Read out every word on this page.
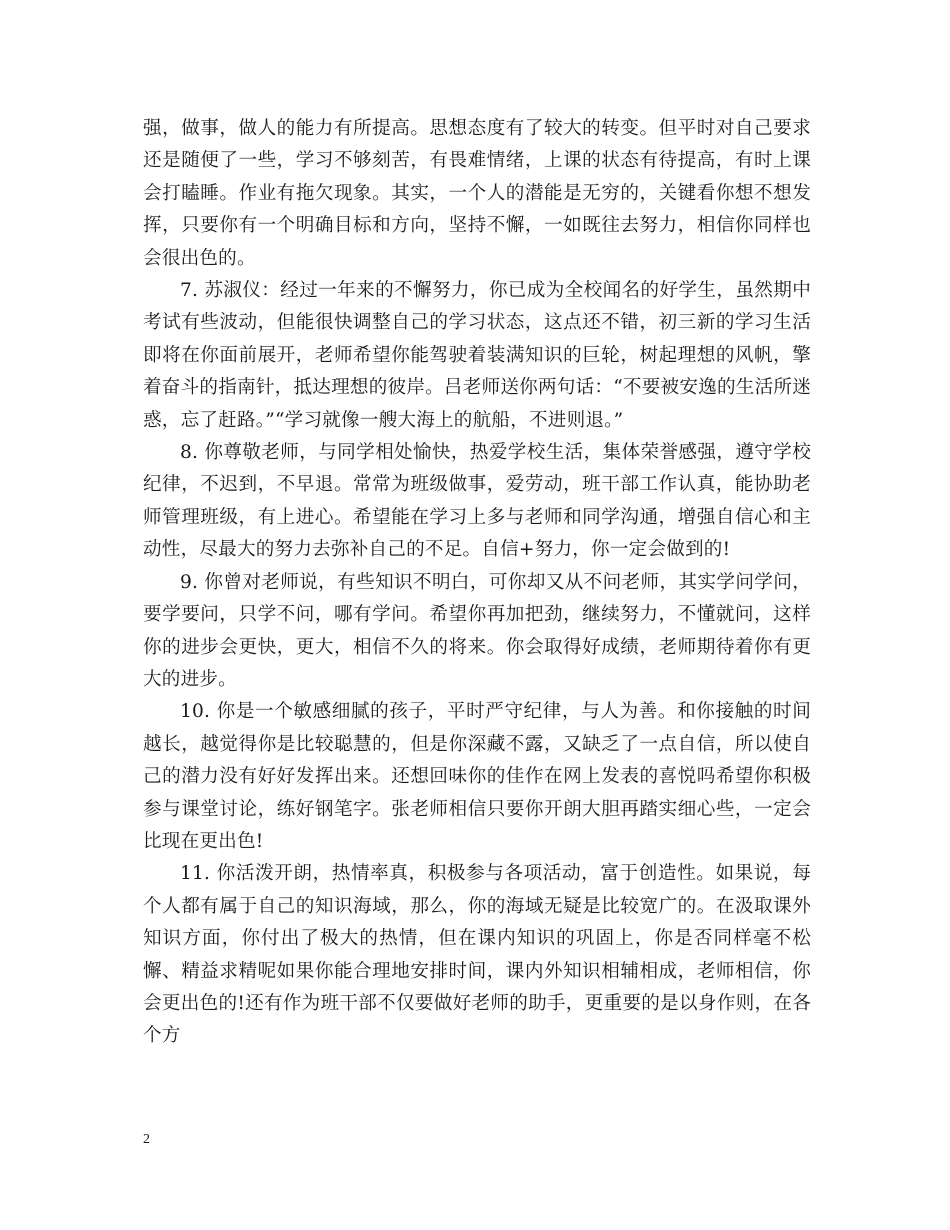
强，做事，做人的能力有所提高。思想态度有了较大的转变。但平时对自己要求还是随便了一些，学习不够刻苦，有畏难情绪，上课的状态有待提高，有时上课会打瞌睡。作业有拖欠现象。其实，一个人的潜能是无穷的，关键看你想不想发挥，只要你有一个明确目标和方向，坚持不懈，一如既往去努力，相信你同样也会很出色的。

7. 苏淑仪：经过一年来的不懈努力，你已成为全校闻名的好学生，虽然期中考试有些波动，但能很快调整自己的学习状态，这点还不错，初三新的学习生活即将在你面前展开，老师希望你能驾驶着装满知识的巨轮，树起理想的风帆，擎着奋斗的指南针，抵达理想的彼岸。吕老师送你两句话：“不要被安逸的生活所迷惑，忘了赶路。”“学习就像一艘大海上的航船，不进则退。”

8. 你尊敬老师，与同学相处愉快，热爱学校生活，集体荣誉感强，遵守学校纪律，不迟到，不早退。常常为班级做事，爱劳动，班干部工作认真，能协助老师管理班级，有上进心。希望能在学习上多与老师和同学沟通，增强自信心和主动性，尽最大的努力去弥补自己的不足。自信+努力，你一定会做到的!

9. 你曾对老师说，有些知识不明白，可你却又从不问老师，其实学问学问，要学要问，只学不问，哪有学问。希望你再加把劲，继续努力，不懂就问，这样你的进步会更快，更大，相信不久的将来。你会取得好成绩，老师期待着你有更大的进步。

10. 你是一个敏感细腻的孩子，平时严守纪律，与人为善。和你接触的时间越长，越觉得你是比较聪慧的，但是你深藏不露，又缺乏了一点自信，所以使自己的潜力没有好好发挥出来。还想回味你的佳作在网上发表的喜悦吗希望你积极参与课堂讨论，练好钢笔字。张老师相信只要你开朗大胆再踏实细心些，一定会比现在更出色!

11. 你活泼开朗，热情率真，积极参与各项活动，富于创造性。如果说，每个人都有属于自己的知识海域，那么，你的海域无疑是比较宽广的。在汲取课外知识方面，你付出了极大的热情，但在课内知识的巩固上，你是否同样毫不松懈、精益求精呢如果你能合理地安排时间，课内外知识相辅相成，老师相信，你会更出色的!还有作为班干部不仅要做好老师的助手，更重要的是以身作则，在各个方

2
